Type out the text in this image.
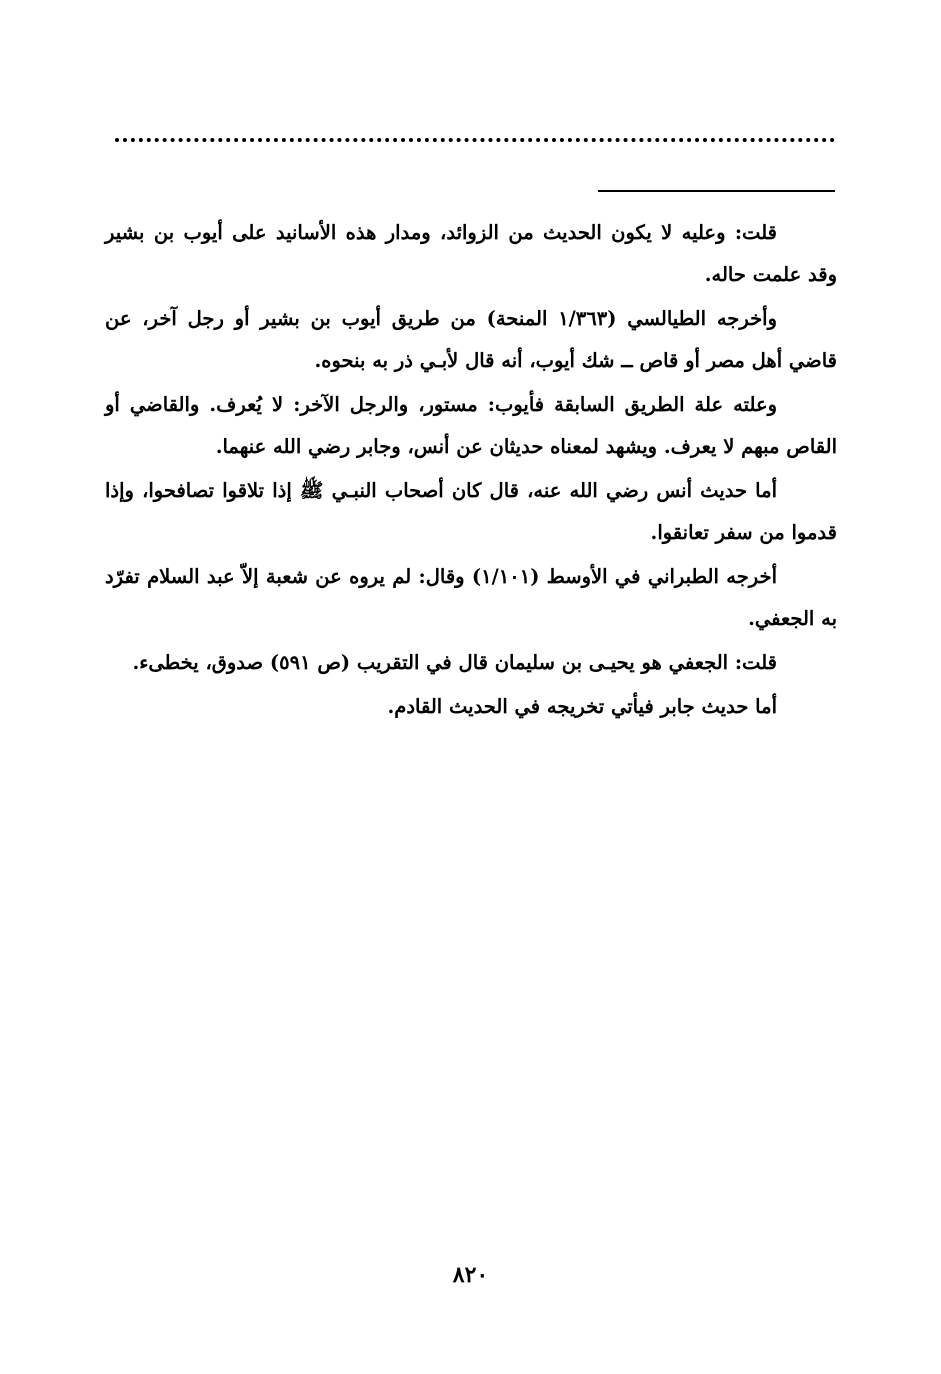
قلت: وعليه لا يكون الحديث من الزوائد، ومدار هذه الأسانيد على أيوب بن بشير وقد علمت حاله.

وأخرجه الطيالسي (١/٣٦٣ المنحة) من طريق أيوب بن بشير أو رجل آخر، عن قاضي أهل مصر أو قاص ــ شك أيوب، أنه قال لأبـي ذر به بنحوه.

وعلته علة الطريق السابقة فأيوب: مستور، والرجل الآخر: لا يُعرف. والقاضي أو القاص مبهم لا يعرف. ويشهد لمعناه حديثان عن أنس، وجابر رضي الله عنهما.

أما حديث أنس رضي الله عنه، قال كان أصحاب النبـي ﷺ إذا تلاقوا تصافحوا، وإذا قدموا من سفر تعانقوا.

أخرجه الطبراني في الأوسط (١/١٠١) وقال: لم يروه عن شعبة إلاّ عبد السلام تفرّد به الجعفي.

قلت: الجعفي هو يحيـى بن سليمان قال في التقريب (ص ٥٩١) صدوق، يخطىء.

أما حديث جابر فيأتي تخريجه في الحديث القادم.

٨٢٠
